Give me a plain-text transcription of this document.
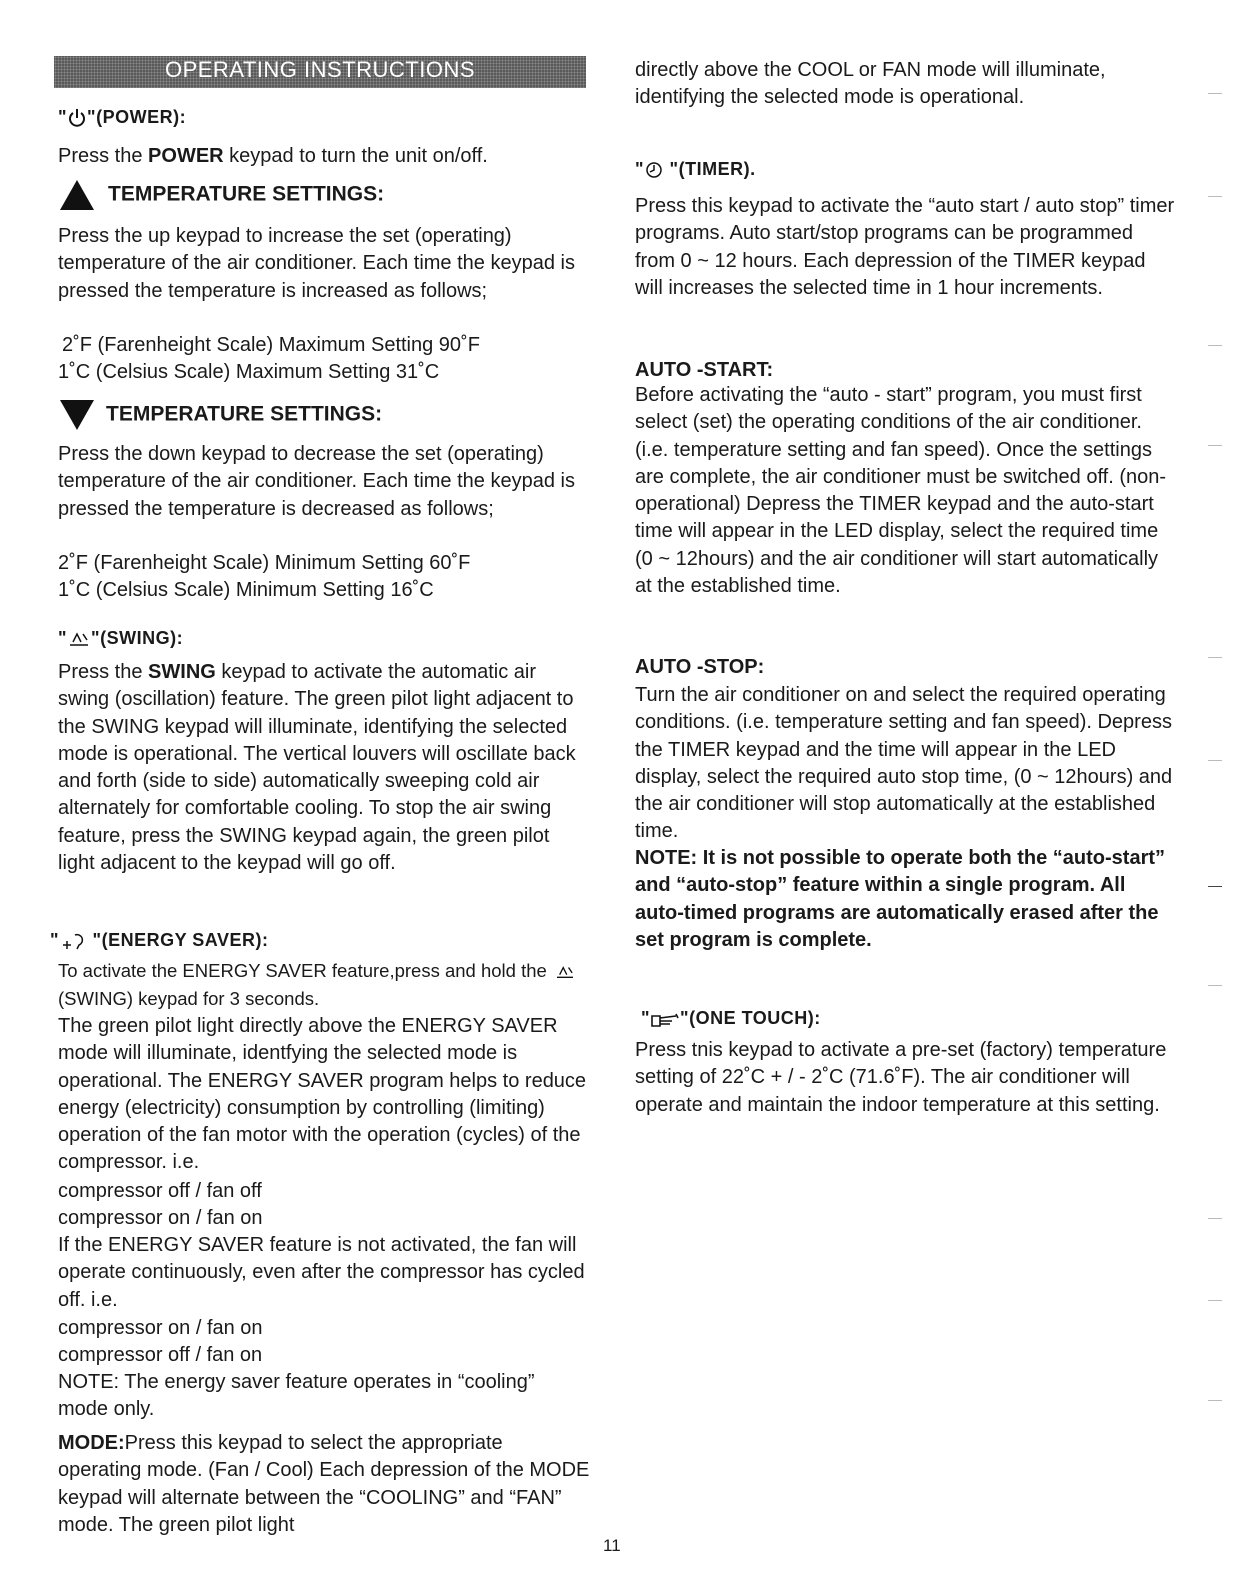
OPERATING INSTRUCTIONS
" "(POWER):

Press the POWER keypad to turn the unit on/off.

TEMPERATURE SETTINGS:

Press the up keypad to increase the set (operating) temperature of the air conditioner. Each time the keypad is pressed the temperature is increased as follows;

2˚F (Farenheight Scale) Maximum Setting 90˚F

1˚C (Celsius Scale) Maximum Setting 31˚C

TEMPERATURE SETTINGS:

Press the down keypad to decrease the set (operating) temperature of the air conditioner. Each time the keypad is pressed the temperature is decreased as follows;

2˚F (Farenheight Scale) Minimum Setting 60˚F

1˚C (Celsius Scale) Minimum Setting 16˚C

" "(SWING):

Press the SWING keypad to activate the automatic air swing (oscillation) feature. The green pilot light adjacent to the SWING keypad will illuminate, identifying the selected mode is operational. The vertical louvers will oscillate back and forth (side to side) automatically sweeping cold air alternately for comfortable cooling. To stop the air swing feature, press the SWING keypad again, the green pilot light adjacent to the keypad will go off.

" "(ENERGY SAVER):

To activate the ENERGY SAVER feature,press and hold the (SWING) keypad for 3 seconds.

The green pilot light directly above the ENERGY SAVER mode will illuminate, identfying the selected mode is operational. The ENERGY SAVER program helps to reduce energy (electricity) consumption by controlling (limiting) operation of the fan motor with the operation (cycles) of the compressor. i.e.

compressor off / fan off

compressor on / fan on

If the ENERGY SAVER feature is not activated, the fan will operate continuously, even after the compressor has cycled off. i.e.

compressor on / fan on

compressor off / fan on

NOTE: The energy saver feature operates in “cooling” mode only.

MODE:Press this keypad to select the appropriate operating mode. (Fan / Cool) Each depression of the MODE keypad will alternate between the “COOLING” and “FAN” mode. The green pilot light

directly above the COOL or FAN mode will illuminate, identifying the selected mode is operational.

" "(TIMER).

Press this keypad to activate the “auto start / auto stop” timer programs. Auto start/stop programs can be programmed from 0 ~ 12 hours. Each depression of the TIMER keypad will increases the selected time in 1 hour increments.

AUTO -START:

Before activating the “auto - start” program, you must first select (set) the operating conditions of the air conditioner. (i.e. temperature setting and fan speed). Once the settings are complete, the air conditioner must be switched off. (non-operational) Depress the TIMER keypad and the auto-start time will appear in the LED display, select the required time (0 ~ 12hours) and the air conditioner will start automatically at the established time.

AUTO -STOP:

Turn the air conditioner on and select the required operating conditions. (i.e. temperature setting and fan speed). Depress the TIMER keypad and the time will appear in the LED display, select the required auto stop time, (0 ~ 12hours) and the air conditioner will stop automatically at the established time.

NOTE: It is not possible to operate both the “auto-start” and “auto-stop” feature within a single program. All auto-timed programs are automatically erased after the set program is complete.

" "(ONE TOUCH):

Press tnis keypad to activate a pre-set (factory) temperature setting of 22˚C + / - 2˚C (71.6˚F). The air conditioner will operate and maintain the indoor temperature at this setting.

11
